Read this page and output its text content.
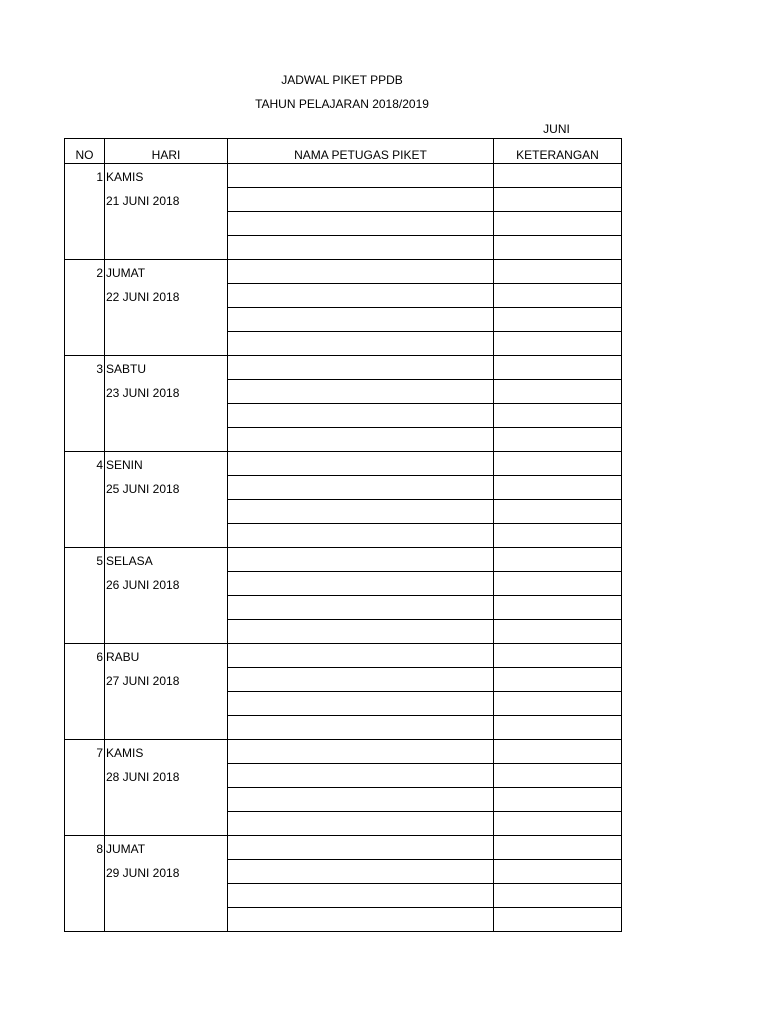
JADWAL PIKET PPDB
TAHUN PELAJARAN 2018/2019
JUNI
NO	HARI	NAMA PETUGAS PIKET	KETERANGAN
1	KAMIS
21 JUNI 2018		

2	JUMAT
22 JUNI 2018		

3	SABTU
23 JUNI 2018		

4	SENIN
25 JUNI 2018		

5	SELASA
26 JUNI 2018		

6	RABU
27 JUNI 2018		

7	KAMIS
28 JUNI 2018		

8	JUMAT
29 JUNI 2018		
